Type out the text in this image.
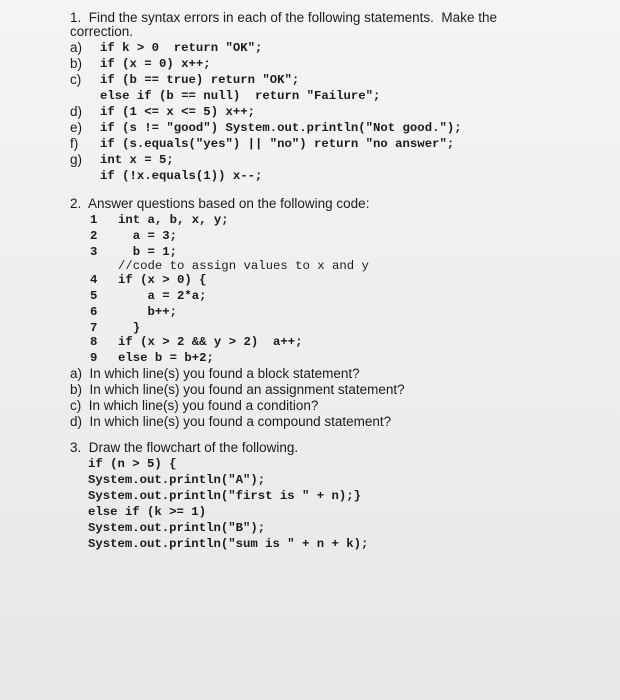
1.  Find the syntax errors in each of the following statements.  Make the
correction.
a) if k > 0  return "OK";
b) if (x = 0) x++;
c) if (b == true) return "OK";
else if (b == null)  return "Failure";
d) if (1 <= x <= 5) x++;
e) if (s != "good") System.out.println("Not good.");
f) if (s.equals("yes") || "no") return "no answer";
g) int x = 5;
if (!x.equals(1)) x--;
2.  Answer questions based on the following code:
1 int a, b, x, y;
2 a = 3;
3 b = 1;
//code to assign values to x and y
4 if (x > 0) {
5 a = 2*a;
6 b++;
7 }
8 if (x > 2 && y > 2)  a++;
9 else b = b+2;
a)  In which line(s) you found a block statement?
b)  In which line(s) you found an assignment statement?
c)  In which line(s) you found a condition?
d)  In which line(s) you found a compound statement?
3.  Draw the flowchart of the following.
if (n > 5) {
System.out.println("A");
System.out.println("first is " + n);}
else if (k >= 1)
System.out.println("B");
System.out.println("sum is " + n + k);
